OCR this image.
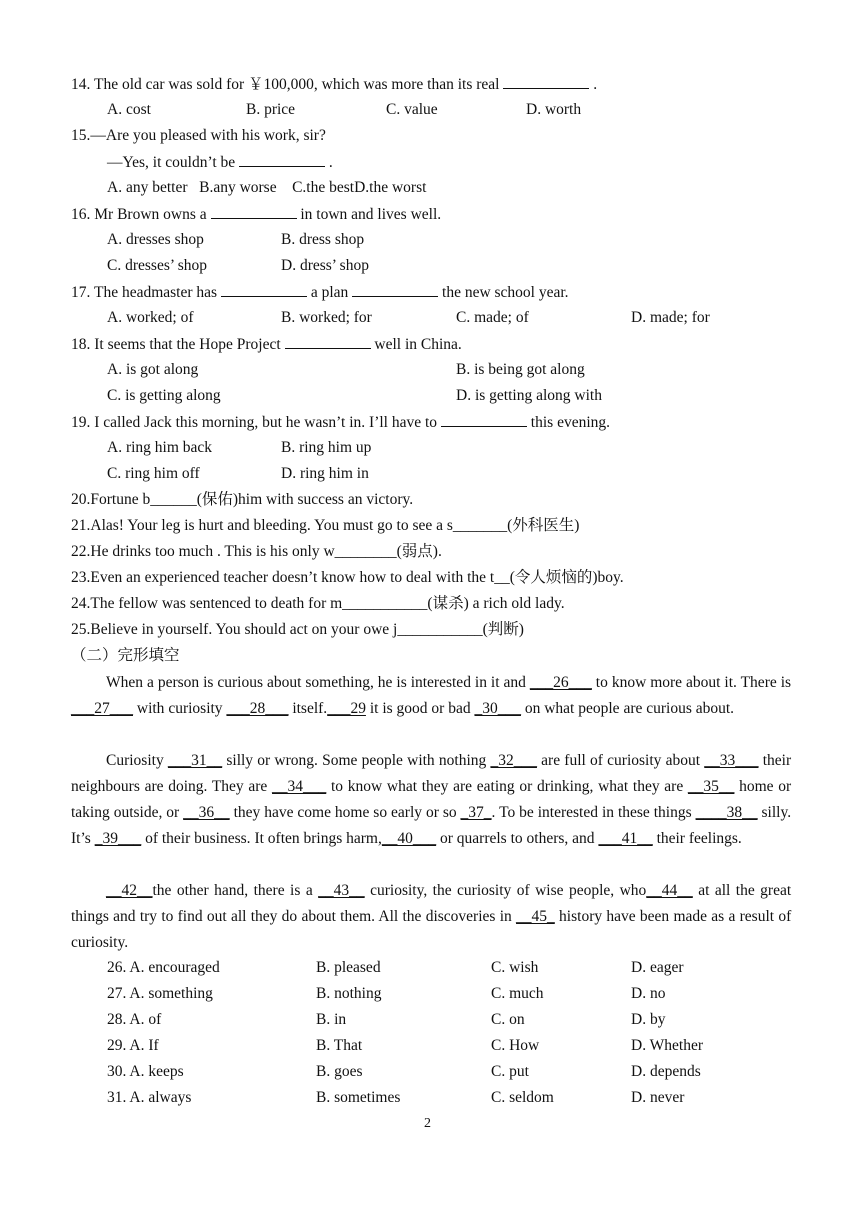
14. The old car was sold for ￥100,000, which was more than its real	.
A. cost	B. price	C. value	D. worth
15.—Are you pleased with his work, sir?
—Yes, it couldn’t be	.
A. any better   B.any worse    C.the bestD.the worst
16. Mr Brown owns a	in town and lives well.
A. dresses shop	B. dress shop
C. dresses’ shop	D. dress’ shop
17. The headmaster has	a plan	the new school year.
A. worked; of	B. worked; for	C. made; of	D. made; for
18. It seems that the Hope Project	well in China.
A. is got along	B. is being got along
C. is getting along	D. is getting along with
19. I called Jack this morning, but he wasn’t in. I’ll have to	this evening.
A. ring him back	B. ring him up
C. ring him off	D. ring him in
20.Fortune b______(保佑)him with success an victory.
21.Alas! Your leg is hurt and bleeding. You must go to see a s_______(外科医生)
22.He drinks too much . This is his only w________(弱点).
23.Even an experienced teacher doesn’t know how to deal with the t__(令人烦恼的)boy.
24.The fellow was sentenced to death for m___________(谋杀) a rich old lady.
25.Believe in yourself. You should act on your owe j___________(判断)
（二）完形填空
When a person is curious about something, he is interested in it and ___26___ to know more about it. There is
___27___ with curiosity ___28___ itself.___29 it is good or bad _30___ on what people are curious about.
Curiosity ___31__ silly or wrong. Some people with nothing _32___ are full of curiosity about __33___ their
neighbours are doing. They are __34___ to know what they are eating or drinking, what they are __35__ home or
taking outside, or __36__ they have come home so early or so _37_. To be interested in these things ____38__ silly.
It’s _39___ of their business. It often brings harm,__40___ or quarrels to others, and ___41__ their feelings.
__42__the other hand, there is a __43__ curiosity, the curiosity of wise people, who__44__ at all the great
things and try to find out all they do about them. All the discoveries in __45_ history have been made as a result of
curiosity.
26. A. encouraged	B. pleased	C. wish	D. eager
27. A. something	B. nothing	C. much	D. no
28. A. of	B. in	C. on	D. by
29. A. If	B. That	C. How	D. Whether
30. A. keeps	B. goes	C. put	D. depends
31. A. always	B. sometimes	C. seldom	D. never
2
